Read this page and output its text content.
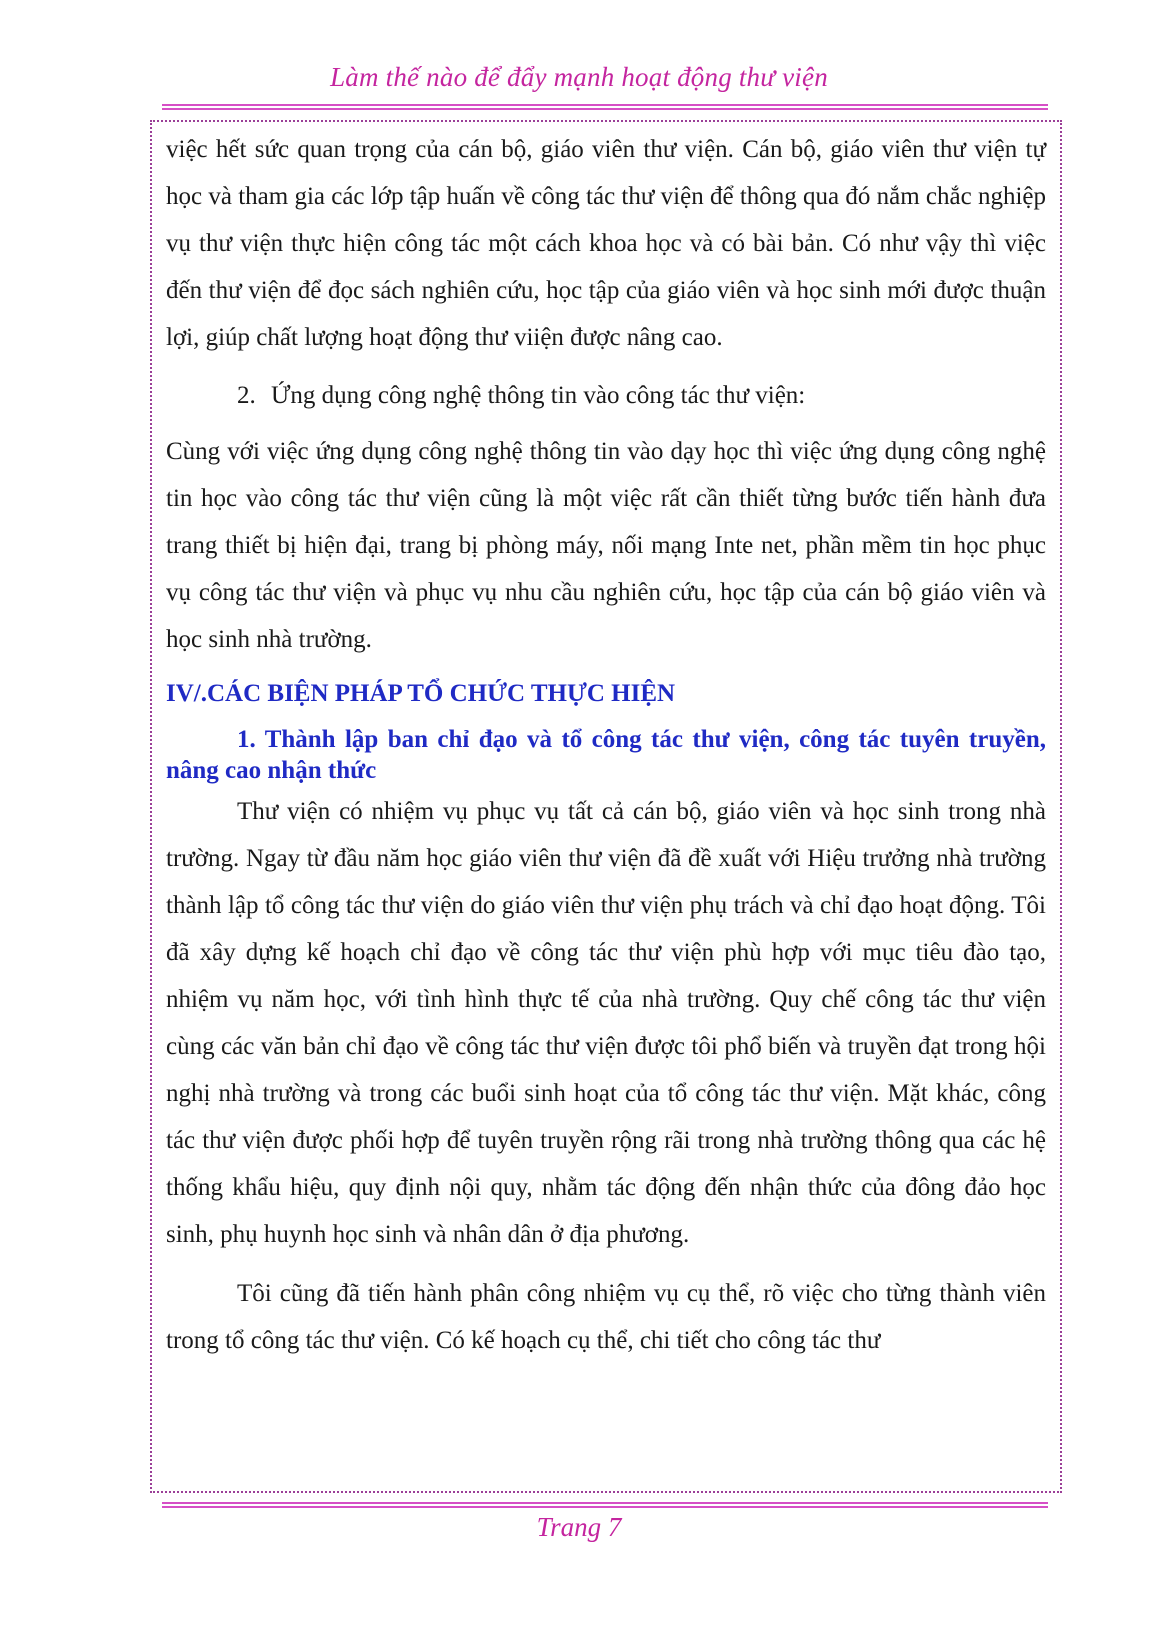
Làm thế nào để đẩy mạnh hoạt động thư viện

việc hết sức quan trọng của cán bộ, giáo viên thư viện. Cán bộ, giáo viên thư viện tự học và tham gia các lớp tập huấn về công tác thư viện để thông qua đó nắm chắc nghiệp vụ thư viện thực hiện công tác một cách khoa học và có bài bản. Có như vậy thì việc đến thư viện để đọc sách nghiên cứu, học tập của giáo viên và học sinh mới được thuận lợi, giúp chất lượng hoạt động thư viiện được nâng cao.

2. Ứng dụng công nghệ thông tin vào công tác thư viện:

Cùng với việc ứng dụng công nghệ thông tin vào dạy học thì việc ứng dụng công nghệ tin học vào công tác thư viện cũng là một việc rất cần thiết từng bước tiến hành đưa trang thiết bị hiện đại, trang bị phòng máy, nối mạng Inte net, phần mềm tin học phục vụ công tác thư viện và phục vụ nhu cầu nghiên cứu, học tập của cán bộ giáo viên và học sinh nhà trường.

IV/.CÁC BIỆN PHÁP TỔ CHỨC THỰC HIỆN

1. Thành lập ban chỉ đạo và tổ công tác thư viện, công tác tuyên truyền, nâng cao nhận thức

Thư viện có nhiệm vụ phục vụ tất cả cán bộ, giáo viên và học sinh trong nhà trường. Ngay từ đầu năm học giáo viên thư viện đã đề xuất với Hiệu trưởng nhà trường thành lập tổ công tác thư viện do giáo viên thư viện phụ trách và chỉ đạo hoạt động. Tôi đã xây dựng kế hoạch chỉ đạo về công tác thư viện phù hợp với mục tiêu đào tạo, nhiệm vụ năm học, với tình hình thực tế của nhà trường. Quy chế công tác thư viện cùng các văn bản chỉ đạo về công tác thư viện được tôi phổ biến và truyền đạt trong hội nghị nhà trường và trong các buổi sinh hoạt của tổ công tác thư viện. Mặt khác, công tác thư viện được phối hợp để tuyên truyền rộng rãi trong nhà trường thông qua các hệ thống khẩu hiệu, quy định nội quy, nhằm tác động đến nhận thức của đông đảo học sinh, phụ huynh học sinh và nhân dân ở địa phương.

Tôi cũng đã tiến hành phân công nhiệm vụ cụ thể, rõ việc cho từng thành viên trong tổ công tác thư viện. Có kế hoạch cụ thể, chi tiết cho công tác thư

Trang 7
